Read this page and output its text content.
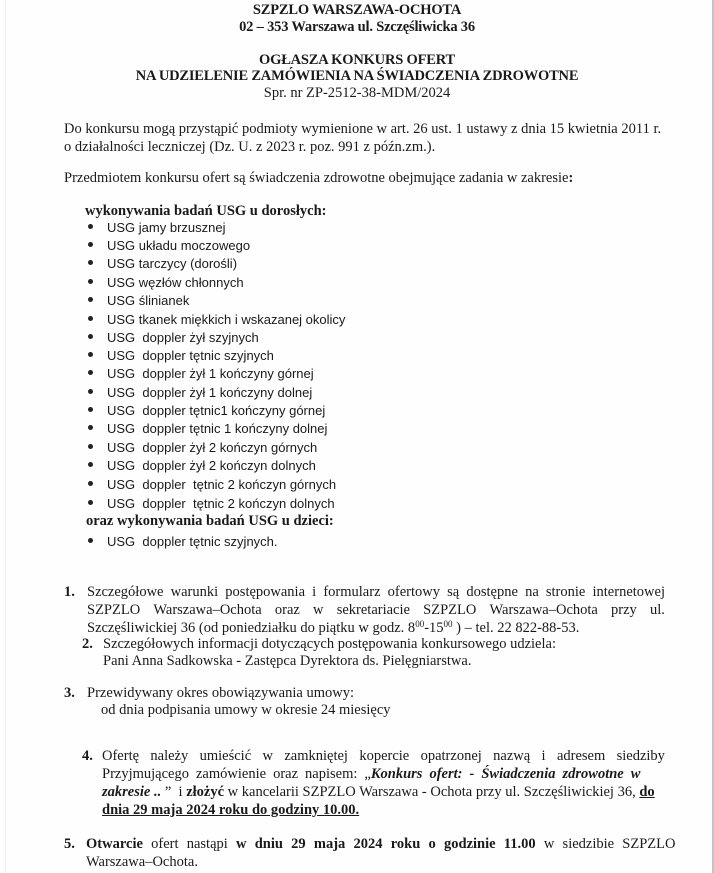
SZPZLO WARSZAWA-OCHOTA
02 – 353 Warszawa ul. Szczęśliwicka 36
OGŁASZA KONKURS OFERT
NA UDZIELENIE ZAMÓWIENIA NA ŚWIADCZENIA ZDROWOTNE
Spr. nr ZP-2512-38-MDM/2024
Do konkursu mogą przystąpić podmioty wymienione w art. 26 ust. 1 ustawy z dnia 15 kwietnia 2011 r.
o działalności leczniczej (Dz. U. z 2023 r. poz. 991 z późn.zm.).
Przedmiotem konkursu ofert są świadczenia zdrowotne obejmujące zadania w zakresie:
wykonywania badań USG u dorosłych:
USG jamy brzusznej
USG układu moczowego
USG tarczycy (dorośli)
USG węzłów chłonnych
USG ślinianek
USG tkanek miękkich i wskazanej okolicy
USG  doppler żył szyjnych
USG  doppler tętnic szyjnych
USG  doppler żył 1 kończyny górnej
USG  doppler żył 1 kończyny dolnej
USG  doppler tętnic1 kończyny górnej
USG  doppler tętnic 1 kończyny dolnej
USG  doppler żył 2 kończyn górnych
USG  doppler żył 2 kończyn dolnych
USG  doppler  tętnic 2 kończyn górnych
USG  doppler  tętnic 2 kończyn dolnych
oraz wykonywania badań USG u dzieci:
USG  doppler tętnic szyjnych.
1. Szczegółowe warunki postępowania i formularz ofertowy są dostępne na stronie internetowej
SZPZLO Warszawa–Ochota oraz w sekretariacie SZPZLO Warszawa–Ochota przy ul.
Szczęśliwickiej 36 (od poniedziałku do piątku w godz. $8^{00}-15^{00}$ ) – tel. 22 822-88-53.
2. Szczegółowych informacji dotyczących postępowania konkursowego udziela:
Pani Anna Sadkowska - Zastępca Dyrektora ds. Pielęgniarstwa.
3. Przewidywany okres obowiązywania umowy:
od dnia podpisania umowy w okresie 24 miesięcy
4. Ofertę należy umieścić w zamkniętej kopercie opatrzonej nazwą i adresem siedziby
Przyjmującego zamówienie oraz napisem: „Konkurs ofert: - Świadczenia zdrowotne w
zakresie .. ”  i złożyć w kancelarii SZPZLO Warszawa - Ochota przy ul. Szczęśliwickiej 36, do
dnia 29 maja 2024 roku do godziny 10.00.
5. Otwarcie ofert nastąpi w dniu 29 maja 2024 roku o godzinie 11.00 w siedzibie SZPZLO
Warszawa–Ochota.
